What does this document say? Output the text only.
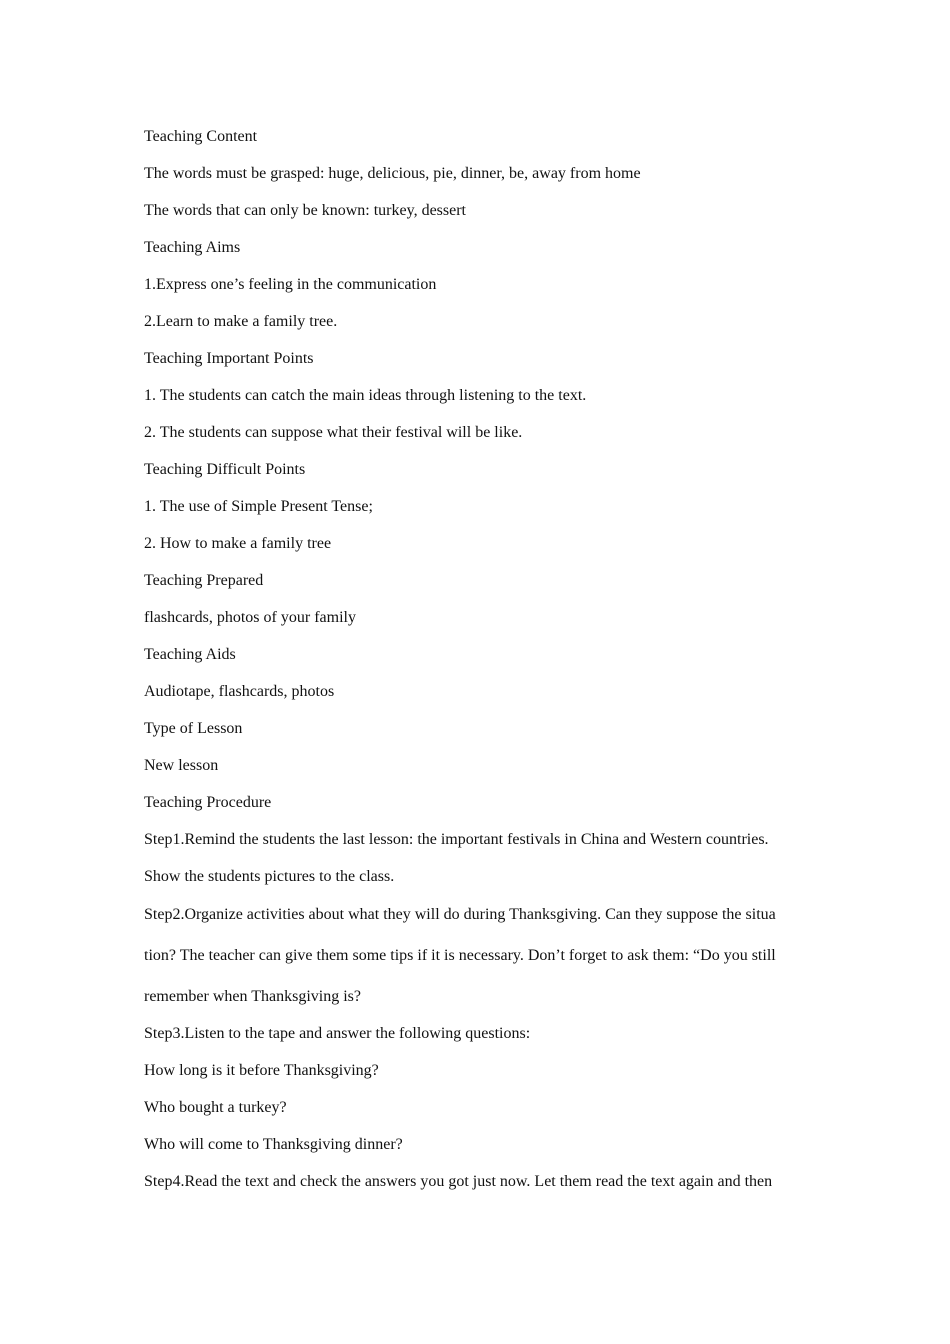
Teaching Content
The words must be grasped: huge, delicious, pie, dinner, be, away from home
The words that can only be known: turkey, dessert
Teaching Aims
1.Express one’s feeling in the communication
2.Learn to make a family tree.
Teaching Important Points
1. The students can catch the main ideas through listening to the text.
2. The students can suppose what their festival will be like.
Teaching Difficult Points
1. The use of Simple Present Tense;
2. How to make a family tree
Teaching Prepared
flashcards, photos of your family
Teaching Aids
Audiotape, flashcards, photos
Type of Lesson
New lesson
Teaching Procedure
Step1.Remind the students the last lesson: the important festivals in China and Western countries.
Show the students pictures to the class.
Step2.Organize activities about what they will do during Thanksgiving. Can they suppose the situa
tion? The teacher can give them some tips if it is necessary. Don’t forget to ask them: “Do you still
remember when Thanksgiving is?
Step3.Listen to the tape and answer the following questions:
How long is it before Thanksgiving?
Who bought a turkey?
Who will come to Thanksgiving dinner?
Step4.Read the text and check the answers you got just now. Let them read the text again and then
